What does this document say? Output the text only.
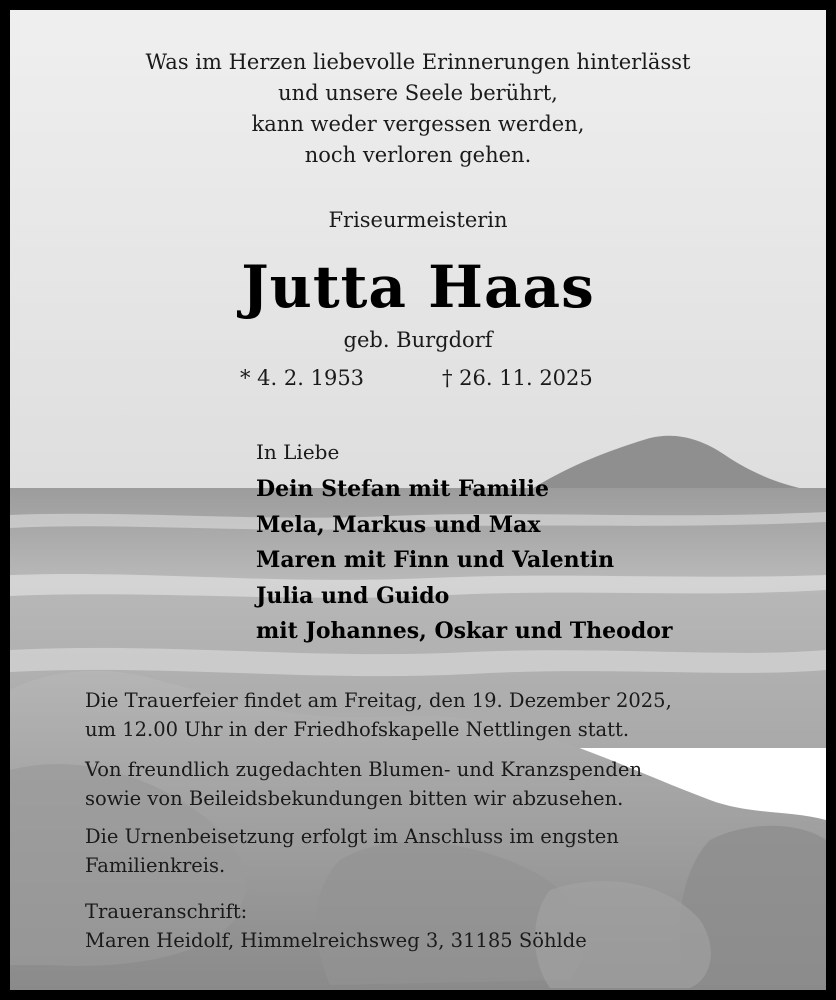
Was im Herzen liebevolle Erinnerungen hinterlässt
und unsere Seele berührt,
kann weder vergessen werden,
noch verloren gehen.
Friseurmeisterin
Jutta Haas
geb. Burgdorf
* 4. 2. 1953	† 26. 11. 2025
In Liebe
Dein Stefan mit Familie
Mela, Markus und Max
Maren mit Finn und Valentin
Julia und Guido
mit Johannes, Oskar und Theodor
Die Trauerfeier findet am Freitag, den 19. Dezember 2025,
um 12.00 Uhr in der Friedhofskapelle Nettlingen statt.
Von freundlich zugedachten Blumen- und Kranzspenden
sowie von Beileidsbekundungen bitten wir abzusehen.
Die Urnenbeisetzung erfolgt im Anschluss im engsten
Familienkreis.
Traueranschrift:
Maren Heidolf, Himmelreichsweg 3, 31185 Söhlde
